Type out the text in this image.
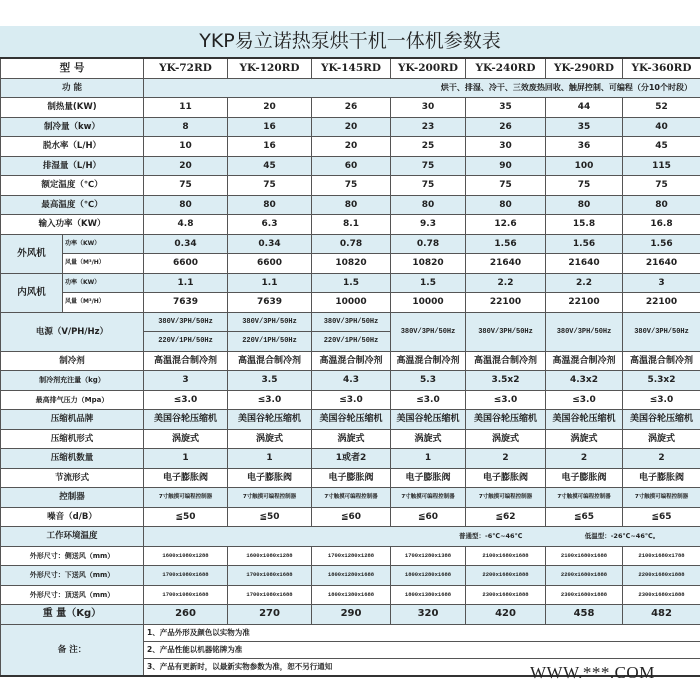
YKP易立诺热泵烘干机一体机参数表
型 号		YK-72RD	YK-120RD	YK-145RD	YK-200RD	YK-240RD	YK-290RD	YK-360RD
功 能		烘干、排湿、冷干、三效废热回收、触屏控制、可编程（分10个时段）						
制热量(KW)		11	20	26	30	35	44	52
制冷量（kw）		8	16	20	23	26	35	40
脱水率（L/H）		10	16	20	25	30	36	45
排湿量（L/H）		20	45	60	75	90	100	115
额定温度（℃）		75	75	75	75	75	75	75
最高温度（℃）		80	80	80	80	80	80	80
输入功率（KW）		4.8	6.3	8.1	9.3	12.6	15.8	16.8
外风机	功率（KW）	0.34	0.34	0.78	0.78	1.56	1.56	1.56
	风量（M³/H）	6600	6600	10820	10820	21640	21640	21640
内风机	功率（KW）	1.1	1.1	1.5	1.5	2.2	2.2	3
	风量（M³/H）	7639	7639	10000	10000	22100	22100	22100
电源（V/PH/Hz）		380V/3PH/50Hz	380V/3PH/50Hz	380V/3PH/50Hz	380V/3PH/50Hz	380V/3PH/50Hz	380V/3PH/50Hz	380V/3PH/50Hz
		220V/1PH/50Hz	220V/1PH/50Hz	220V/1PH/50Hz				
制冷剂		高温混合制冷剂	高温混合制冷剂	高温混合制冷剂	高温混合制冷剂	高温混合制冷剂	高温混合制冷剂	高温混合制冷剂
制冷剂充注量（kg）		3	3.5	4.3	5.3	3.5x2	4.3x2	5.3x2
最高排气压力（Mpa）		≤3.0	≤3.0	≤3.0	≤3.0	≤3.0	≤3.0	≤3.0
压缩机品牌		美国谷轮压缩机	美国谷轮压缩机	美国谷轮压缩机	美国谷轮压缩机	美国谷轮压缩机	美国谷轮压缩机	美国谷轮压缩机
压缩机形式		涡旋式	涡旋式	涡旋式	涡旋式	涡旋式	涡旋式	涡旋式
压缩机数量		1	1	1或者2	1	2	2	2
节流形式		电子膨胀阀	电子膨胀阀	电子膨胀阀	电子膨胀阀	电子膨胀阀	电子膨胀阀	电子膨胀阀
控制器		7寸触摸可编程控制器	7寸触摸可编程控制器	7寸触摸可编程控制器	7寸触摸可编程控制器	7寸触摸可编程控制器	7寸触摸可编程控制器	7寸触摸可编程控制器
噪音（d/B）		≦50	≦50	≦60	≦60	≦62	≦65	≦65
工作环境温度		普通型：-6℃~46℃ 低温型：-26℃~46℃。						
外形尺寸：侧送风（mm）		1600x1080x1288	1600x1080x1288	1700x1280x1288	1700x1280x1388	2100x1680x1688	2100x1680x1688	2100x1680x1788
外形尺寸：下送风（mm）		1700x1080x1688	1700x1080x1688	1800x1280x1688	1800x1280x1688	2200x1680x1888	2200x1680x1888	2200x1680x1888
外形尺寸：顶送风（mm）		1700x1080x1688	1700x1080x1688	1800x1380x1688	1800x1380x1688	2300x1680x1888	2300x1680x1888	2300x1680x1888
重 量（Kg）		260	270	290	320	420	458	482
备 注：		1、产品外形及颜色以实物为准						
		2、产品性能以机器铭牌为准						
		3、产品有更新时，以最新实物参数为准，恕不另行通知							WWW.***.COM
